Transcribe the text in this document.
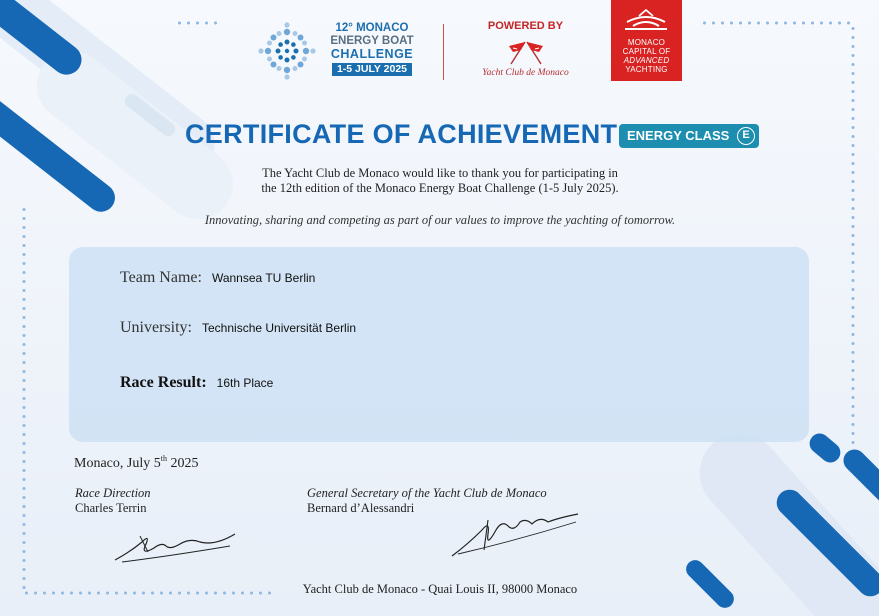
12° MONACO
ENERGY BOAT
CHALLENGE
1-5 JULY 2025
POWERED BY
Yacht Club de Monaco
MONACO
CAPITAL OF
ADVANCED
YACHTING
CERTIFICATE OF ACHIEVEMENT ENERGY CLASS	E
The Yacht Club de Monaco would like to thank you for participating in
the 12th edition of the Monaco Energy Boat Challenge (1-5 July 2025).
Innovating, sharing and competing as part of our values to improve the yachting of tomorrow.
Team Name: Wannsea TU Berlin
University: Technische Universität Berlin
Race Result: 16th Place
Monaco, July 5th 2025
Race Direction
Charles Terrin
General Secretary of the Yacht Club de Monaco
Bernard d’Alessandri
Yacht Club de Monaco - Quai Louis II, 98000 Monaco
